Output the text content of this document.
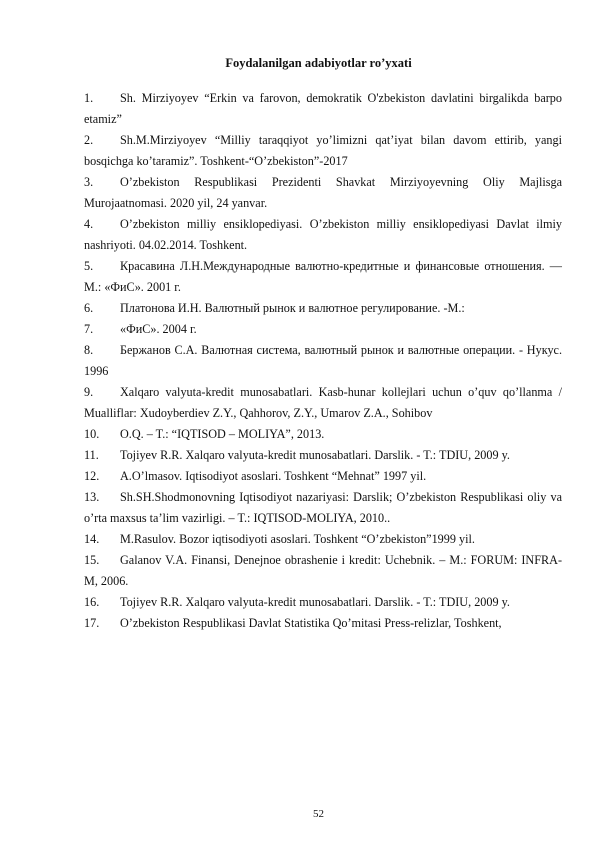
Foydalanilgan adabiyotlar ro’yxati
1. Sh. Mirziyoyev “Erkin va farovon, demokratik O'zbekiston davlatini birgalikda barpo etamiz”
2. Sh.M.Mirziyoyev “Milliy taraqqiyot yo’limizni qat’iyat bilan davom ettirib, yangi bosqichga ko’taramiz”. Toshkent-“O’zbekiston”-2017
3. O’zbekiston Respublikasi Prezidenti Shavkat Mirziyoyevning Oliy Majlisga Murojaatnomasi. 2020 yil, 24 yanvar.
4. O’zbekiston milliy ensiklopediyasi. O’zbekiston milliy ensiklopediyasi Davlat ilmiy nashriyoti. 04.02.2014. Toshkent.
5. Красавина Л.Н.Международные валютно-кредитные и финансовые отношения. —М.: «ФиС». 2001 г.
6. Платонова И.Н. Валютный рынок и валютное регулирование. -М.:
7. «ФиС». 2004 г.
8. Бержанов С.А. Валютная система, валютный рынок и валютные операции. - Нукус. 1996
9. Xalqaro valyuta-kredit munosabatlari. Kasb-hunar kollejlari uchun o’quv qo’llanma / Mualliflar: Xudoyberdiev Z.Y., Qahhorov, Z.Y., Umarov Z.A., Sohibov
10. O.Q. – T.: “IQTISOD – MOLIYA”, 2013.
11. Tojiyev R.R. Xalqaro valyuta-kredit munosabatlari. Darslik. - T.: TDIU, 2009 y.
12. A.O’lmasov. Iqtisodiyot asoslari. Toshkent “Mehnat” 1997 yil.
13. Sh.SH.Shodmonovning Iqtisodiyot nazariyasi: Darslik; O’zbekiston Respublikasi oliy va o’rta maxsus ta’lim vazirligi. – T.: IQTISOD-MOLIYA, 2010..
14. M.Rasulov. Bozor iqtisodiyoti asoslari. Toshkent “O’zbekiston”1999 yil.
15. Galanov V.A. Finansi, Denejnoe obrashenie i kredit: Uchebnik. – M.: FORUM: INFRA-M, 2006.
16. Tojiyev R.R. Xalqaro valyuta-kredit munosabatlari. Darslik. - T.: TDIU, 2009 y.
17. O’zbekiston Respublikasi Davlat Statistika Qo’mitasi Press-relizlar, Toshkent,
52
